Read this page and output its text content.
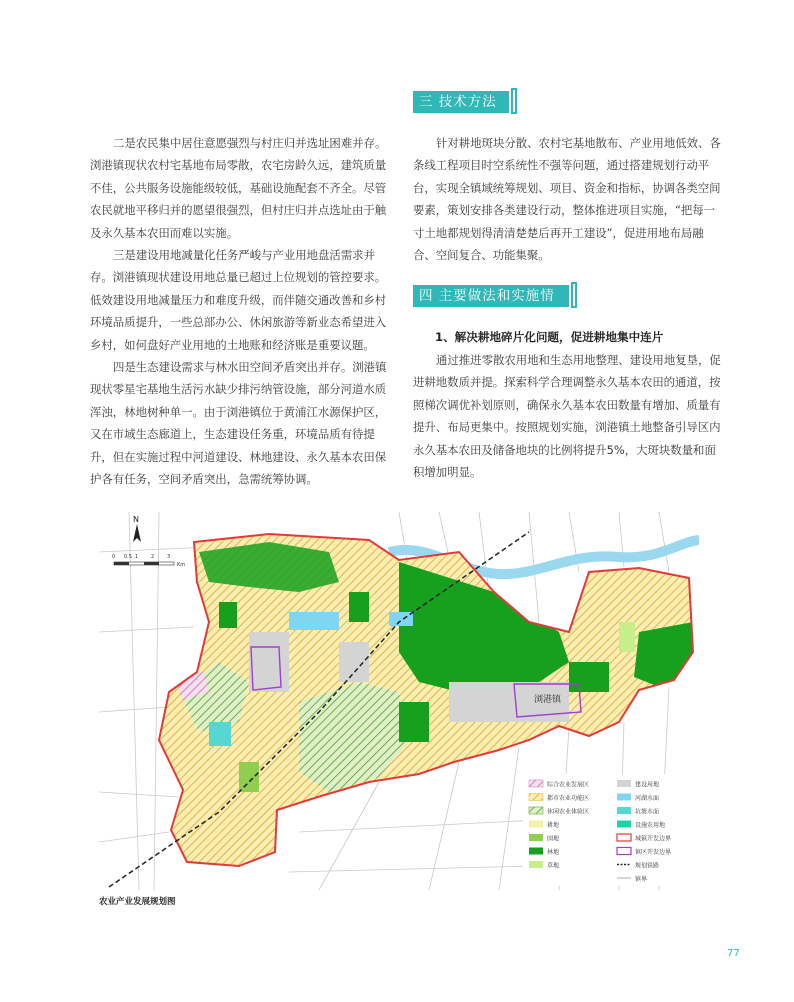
二是农民集中居住意愿强烈与村庄归并选址困难并存。浏港镇现状农村宅基地布局零散，农宅房龄久远，建筑质量不佳，公共服务设施能级较低，基础设施配套不齐全。尽管农民就地平移归并的愿望很强烈，但村庄归并点选址由于触及永久基本农田而难以实施。

三是建设用地减量化任务严峻与产业用地盘活需求并存。浏港镇现状建设用地总量已超过上位规划的管控要求。低效建设用地减量压力和难度升级，而伴随交通改善和乡村环境品质提升，一些总部办公、休闲旅游等新业态希望进入乡村，如何盘好产业用地的土地账和经济账是重要议题。

四是生态建设需求与林水田空间矛盾突出并存。浏港镇现状零星宅基地生活污水缺少排污纳管设施，部分河道水质浑浊，林地树种单一。由于浏港镇位于黄浦江水源保护区，又在市域生态廊道上，生态建设任务重，环境品质有待提升，但在实施过程中河道建设、林地建设、永久基本农田保护各有任务，空间矛盾突出，急需统筹协调。

三 技术方法

针对耕地斑块分散、农村宅基地散布、产业用地低效、各条线工程项目时空系统性不强等问题，通过搭建规划行动平台，实现全镇域统筹规划、项目、资金和指标，协调各类空间要素，策划安排各类建设行动，整体推进项目实施，“把每一寸土地都规划得清清楚楚后再开工建设”，促进用地布局融合、空间复合、功能集聚。

四 主要做法和实施情况
1、解决耕地碎片化问题，促进耕地集中连片

通过推进零散农用地和生态用地整理、建设用地复垦，促进耕地数质并提。探索科学合理调整永久基本农田的通道，按照梯次调优补划原则，确保永久基本农田数量有增加、质量有提升、布局更集中。按照规划实施，浏港镇土地整备引导区内永久基本农田及储备地块的比例将提升5%，大斑块数量和面积增加明显。

浏港镇
N
0 0.5 1	2	3
Km
综合农业发展区
都市农业功能区
休闲农业体验区
耕地
园地
林地
草地
建设用地
河湖水面
坑塘水面
设施农用地
城镇开发边界
镇区开发边界
规划铁路
镇界
农业产业发展规划图
77
